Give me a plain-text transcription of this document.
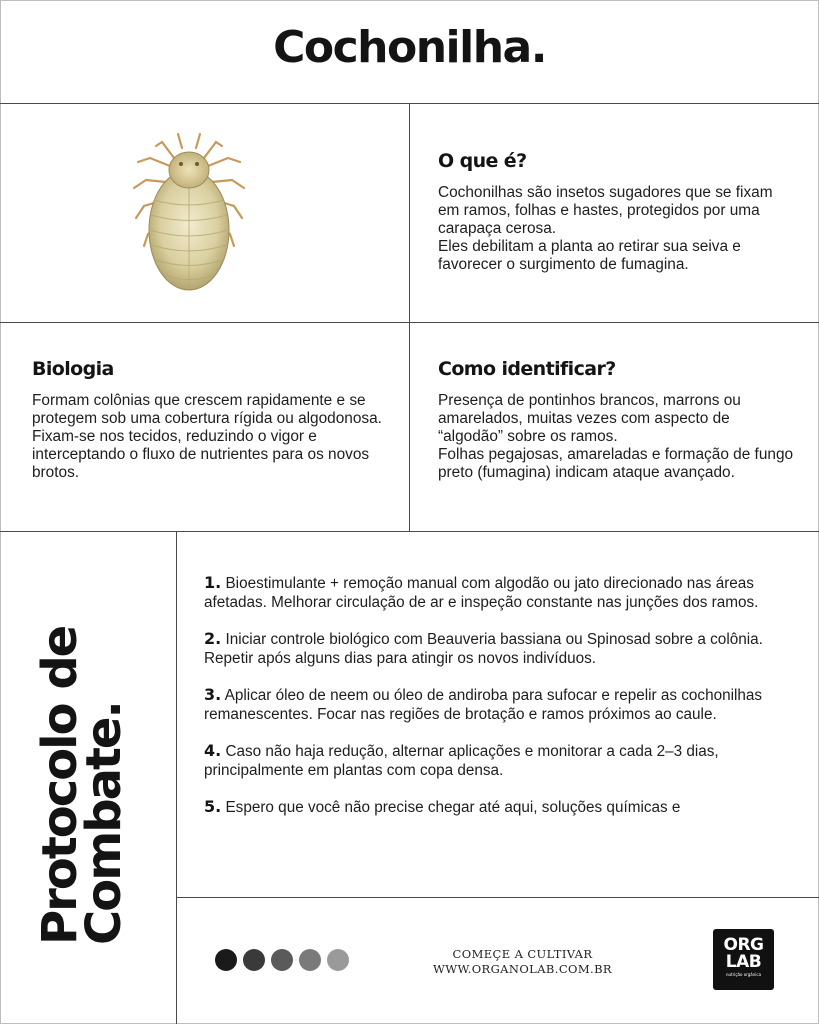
Cochonilha.
O que é?

Cochonilhas são insetos sugadores que se fixam em ramos, folhas e hastes, protegidos por uma carapaça cerosa.

Eles debilitam a planta ao retirar sua seiva e favorecer o surgimento de fumagina.

Biologia

Formam colônias que crescem rapidamente e se protegem sob uma cobertura rígida ou algodonosa.

Fixam-se nos tecidos, reduzindo o vigor e interceptando o fluxo de nutrientes para os novos brotos.

Como identificar?

Presença de pontinhos brancos, marrons ou amarelados, muitas vezes com aspecto de “algodão” sobre os ramos.

Folhas pegajosas, amareladas e formação de fungo preto (fumagina) indicam ataque avançado.

Protocolo de
Combate.
1. Bioestimulante + remoção manual com algodão ou jato direcionado nas áreas afetadas. Melhorar circulação de ar e inspeção constante nas junções dos ramos.
2. Iniciar controle biológico com Beauveria bassiana ou Spinosad sobre a colônia. Repetir após alguns dias para atingir os novos indivíduos.
3. Aplicar óleo de neem ou óleo de andiroba para sufocar e repelir as cochonilhas remanescentes. Focar nas regiões de brotação e ramos próximos ao caule.
4. Caso não haja redução, alternar aplicações e monitorar a cada 2–3 dias, principalmente em plantas com copa densa.
5. Espero que você não precise chegar até aqui, soluções químicas e
COMEÇE A CULTIVAR
WWW.ORGANOLAB.COM.BR
ORG
LAB
nutrição orgânica
